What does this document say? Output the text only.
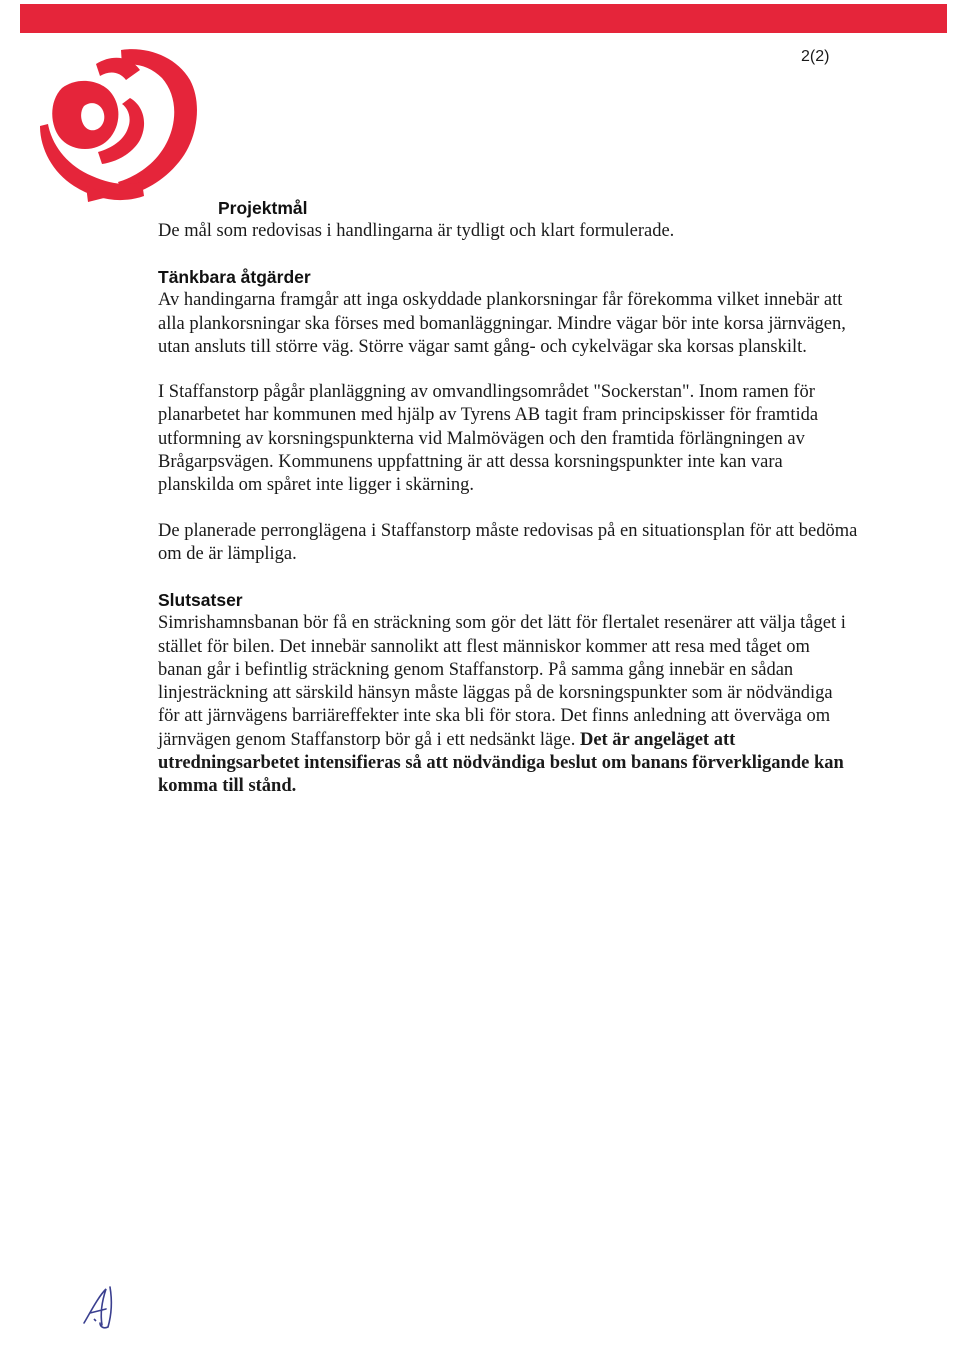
2(2)
Projektmål

De mål som redovisas i handlingarna är tydligt och klart formulerade.

Tänkbara åtgärder

Av handingarna framgår att inga oskyddade plankorsningar får förekomma vilket innebär att alla plankorsningar ska förses med bomanläggningar. Mindre vägar bör inte korsa järnvägen, utan ansluts till större väg. Större vägar samt gång- och cykelvägar ska korsas planskilt.

I Staffanstorp pågår planläggning av omvandlingsområdet "Sockerstan". Inom ramen för planarbetet har kommunen med hjälp av Tyrens AB tagit fram principskisser för framtida utformning av korsningspunkterna vid Malmövägen och den framtida förlängningen av Brågarpsvägen. Kommunens uppfattning är att dessa korsningspunkter inte kan vara planskilda om spåret inte ligger i skärning.

De planerade perronglägena i Staffanstorp måste redovisas på en situationsplan för att bedöma om de är lämpliga.

Slutsatser

Simrishamnsbanan bör få en sträckning som gör det lätt för flertalet resenärer att välja tåget i stället för bilen. Det innebär sannolikt att flest människor kommer att resa med tåget om banan går i befintlig sträckning genom Staffanstorp. På samma gång innebär en sådan linjesträckning att särskild hänsyn måste läggas på de korsningspunkter som är nödvändiga för att järnvägens barriäreffekter inte ska bli för stora. Det finns anledning att överväga om järnvägen genom Staffanstorp bör gå i ett nedsänkt läge. Det är angeläget att utredningsarbetet intensifieras så att nödvändiga beslut om banans förverkligande kan komma till stånd.
